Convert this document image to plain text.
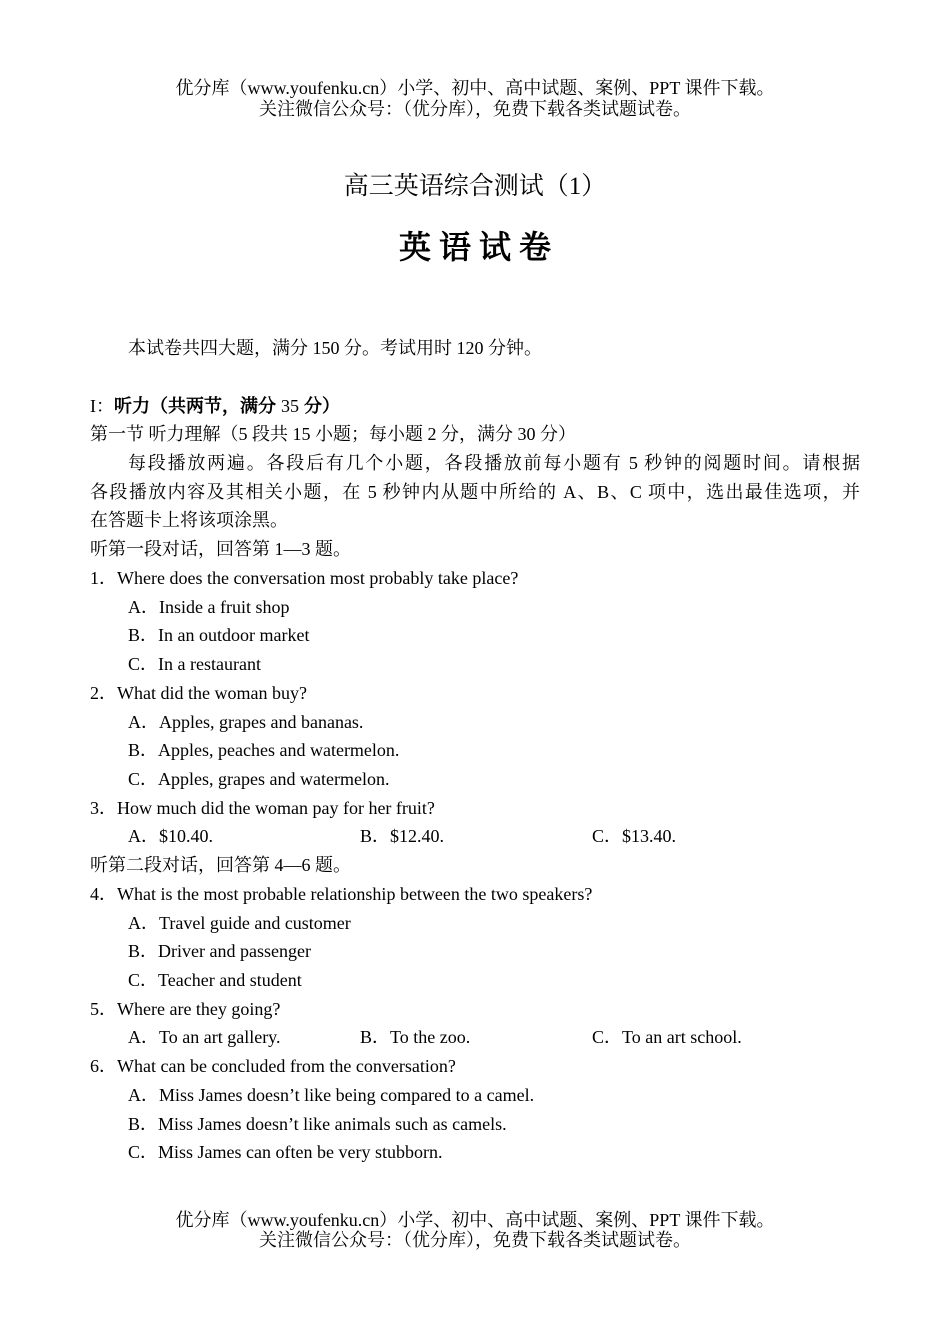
优分库（www.youfenku.cn）小学、初中、高中试题、案例、PPT 课件下载。
关注微信公众号：（优分库），免费下载各类试题试卷。
高三英语综合测试（1）
英 语 试 卷
本试卷共四大题，满分 150 分。考试用时 120 分钟。
I：听力（共两节，满分 35 分）
第一节 听力理解（5 段共 15 小题；每小题 2 分，满分 30 分）
每段播放两遍。各段后有几个小题，各段播放前每小题有 5 秒钟的阅题时间。请根据
各段播放内容及其相关小题，在 5 秒钟内从题中所给的 A、B、C 项中，选出最佳选项，并
在答题卡上将该项涂黑。
听第一段对话，回答第 1—3 题。
1．Where does the conversation most probably take place?
A．Inside a fruit shop
B．In an outdoor market
C．In a restaurant
2．What did the woman buy?
A．Apples, grapes and bananas.
B．Apples, peaches and watermelon.
C．Apples, grapes and watermelon.
3．How much did the woman pay for her fruit?
A．$10.40.	B．$12.40.	C．$13.40.
听第二段对话，回答第 4—6 题。
4．What is the most probable relationship between the two speakers?
A．Travel guide and customer
B．Driver and passenger
C．Teacher and student
5．Where are they going?
A．To an art gallery.	B．To the zoo.	C．To an art school.
6．What can be concluded from the conversation?
A．Miss James doesn’t like being compared to a camel.
B．Miss James doesn’t like animals such as camels.
C．Miss James can often be very stubborn.
优分库（www.youfenku.cn）小学、初中、高中试题、案例、PPT 课件下载。
关注微信公众号：（优分库），免费下载各类试题试卷。
